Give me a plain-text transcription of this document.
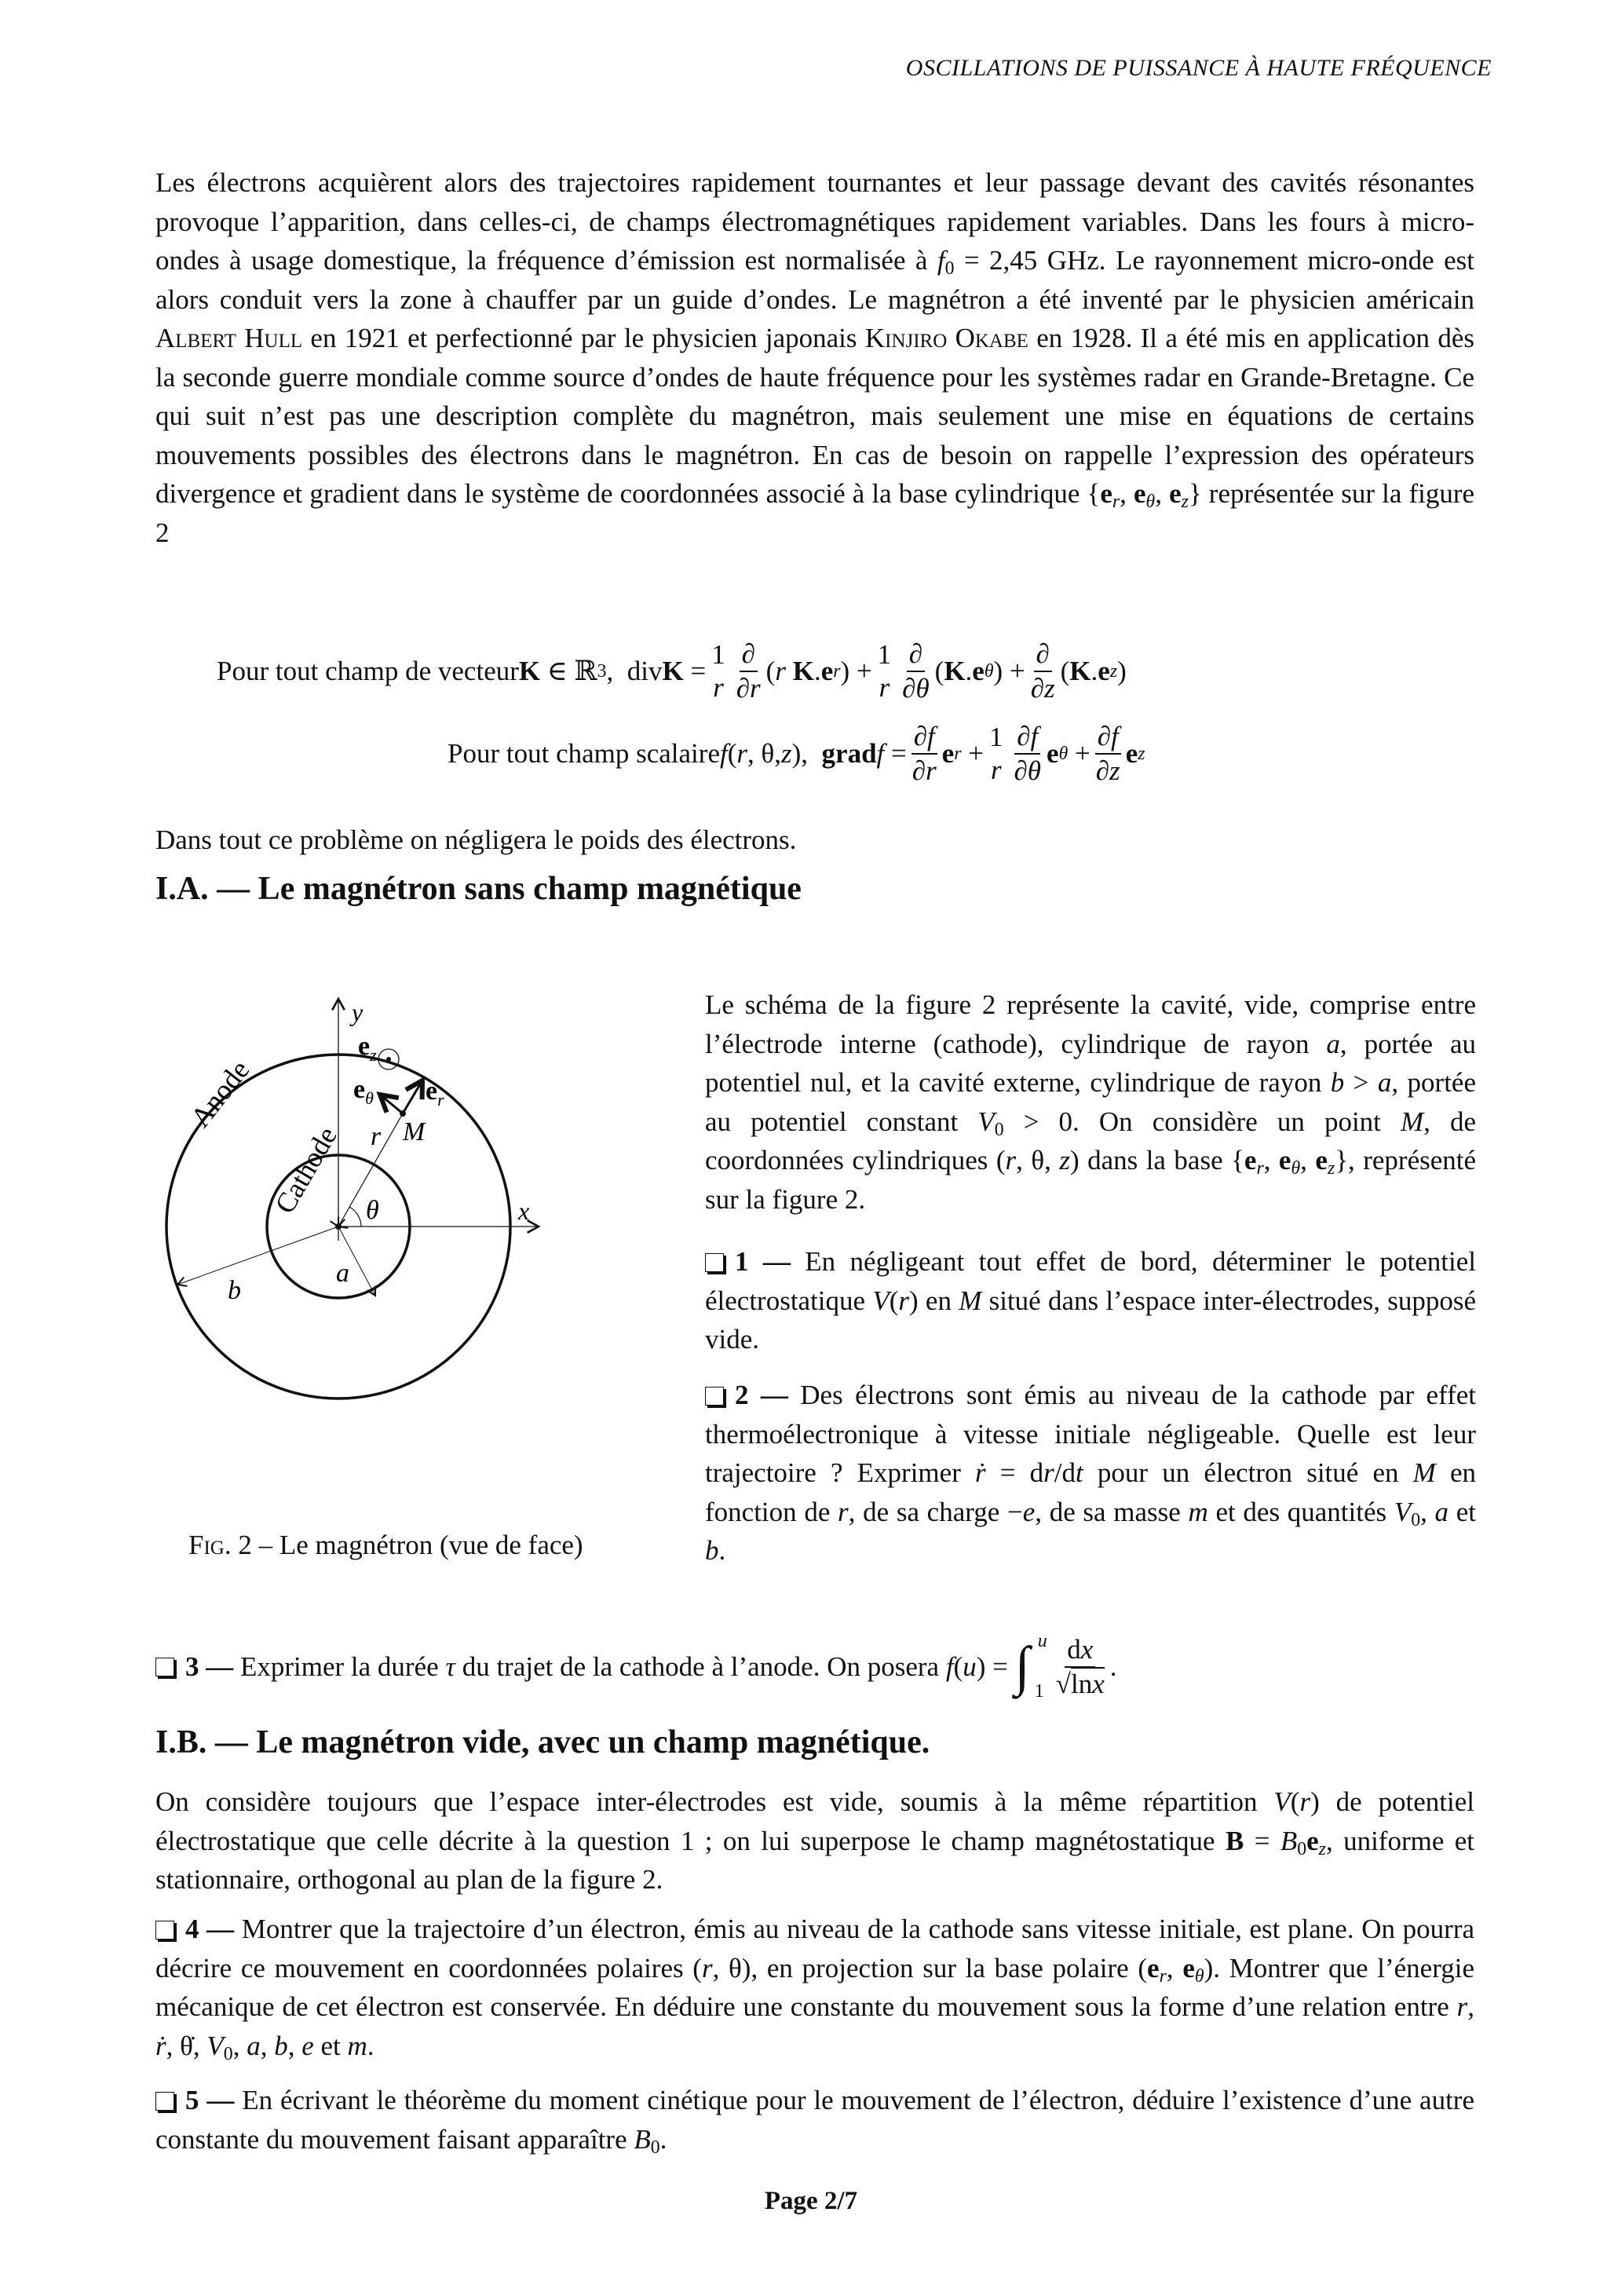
OSCILLATIONS DE PUISSANCE À HAUTE FRÉQUENCE

Les électrons acquièrent alors des trajectoires rapidement tournantes et leur passage devant des cavités résonantes provoque l’apparition, dans celles-ci, de champs électromagnétiques rapidement variables. Dans les fours à micro-ondes à usage domestique, la fréquence d’émission est normalisée à $f_0 = 2,45$ GHz. Le rayonnement micro-onde est alors conduit vers la zone à chauffer par un guide d’ondes. Le magnétron a été inventé par le physicien américain Albert Hull en 1921 et perfectionné par le physicien japonais Kinjiro Okabe en 1928. Il a été mis en application dès la seconde guerre mondiale comme source d’ondes de haute fréquence pour les systèmes radar en Grande-Bretagne. Ce qui suit n’est pas une description complète du magnétron, mais seulement une mise en équations de certains mouvements possibles des électrons dans le magnétron. En cas de besoin on rappelle l’expression des opérateurs divergence et gradient dans le système de coordonnées associé à la base cylindrique {$e_r$, $e_\theta$, $e_z$} représentée sur la figure 2

Pour tout champ de vecteur K ∈ ℝ 3 ,  div K =
1
r $\frac{\partial}{\partial r}$ ( r
K . e r ) +
1
r $\frac{\partial}{\partial\theta}$ ( K . e θ ) + $\frac{\partial}{\partial z}$ ( K . e z )
Pour tout champ scalaire f ( r , θ, z ), grad $f = \frac{\partial f}{\partial r}$ e r +
1
r $\frac{\partial f}{\partial\theta}$ e $\theta + \frac{\partial f}{\partial z}$ e z
Dans tout ce problème on négligera le poids des électrons.
I.A. — Le magnétron sans champ magnétique
y
x
$e_z$
$e_\theta$ $e_r$
M
r
θ
a
b
Anode
Cathode
Fig. 2 – Le magnétron (vue de face)
Le schéma de la figure 2 représente la cavité, vide, comprise entre l’électrode interne (cathode), cylindrique de rayon a, portée au potentiel nul, et la cavité externe, cylindrique de rayon b > a, portée au potentiel constant $V_0 > 0$. On considère un point M, de coordonnées cylindriques (r, θ, z) dans la base {$e_r$, $e_\theta$, $e_z$}, représenté sur la figure 2.
1 — En négligeant tout effet de bord, déterminer le potentiel électrostatique V(r) en M situé dans l’espace inter-électrodes, supposé vide.
2 — Des électrons sont émis au niveau de la cathode par effet thermoélectronique à vitesse initiale négligeable. Quelle est leur trajectoire ? Exprimer ṙ = dr/dt pour un électron situé en M en fonction de r, de sa charge −e, de sa masse m et des quantités $V_0$, a et b.
3 —
Exprimer la durée τ du trajet de la cathode à l’anode. On posera f(u) = ∫ u
$1 \frac{dx}{√\ln x}$ .
I.B. — Le magnétron vide, avec un champ magnétique.
On considère toujours que l’espace inter-électrodes est vide, soumis à la même répartition V(r) de potentiel électrostatique que celle décrite à la question 1 ; on lui superpose le champ magnétostatique $B = B_0e_z$, uniforme et stationnaire, orthogonal au plan de la figure 2.
4 — Montrer que la trajectoire d’un électron, émis au niveau de la cathode sans vitesse initiale, est plane. On pourra décrire ce mouvement en coordonnées polaires (r, θ), en projection sur la base polaire ($e_r$, $e_\theta$). Montrer que l’énergie mécanique de cet électron est conservée. En déduire une constante du mouvement sous la forme d’une relation entre r, ṙ, θ̇, $V_0$, a, b, e et m.
5 — En écrivant le théorème du moment cinétique pour le mouvement de l’électron, déduire l’existence d’une autre constante du mouvement faisant apparaître $B_0$.
Page 2/7
